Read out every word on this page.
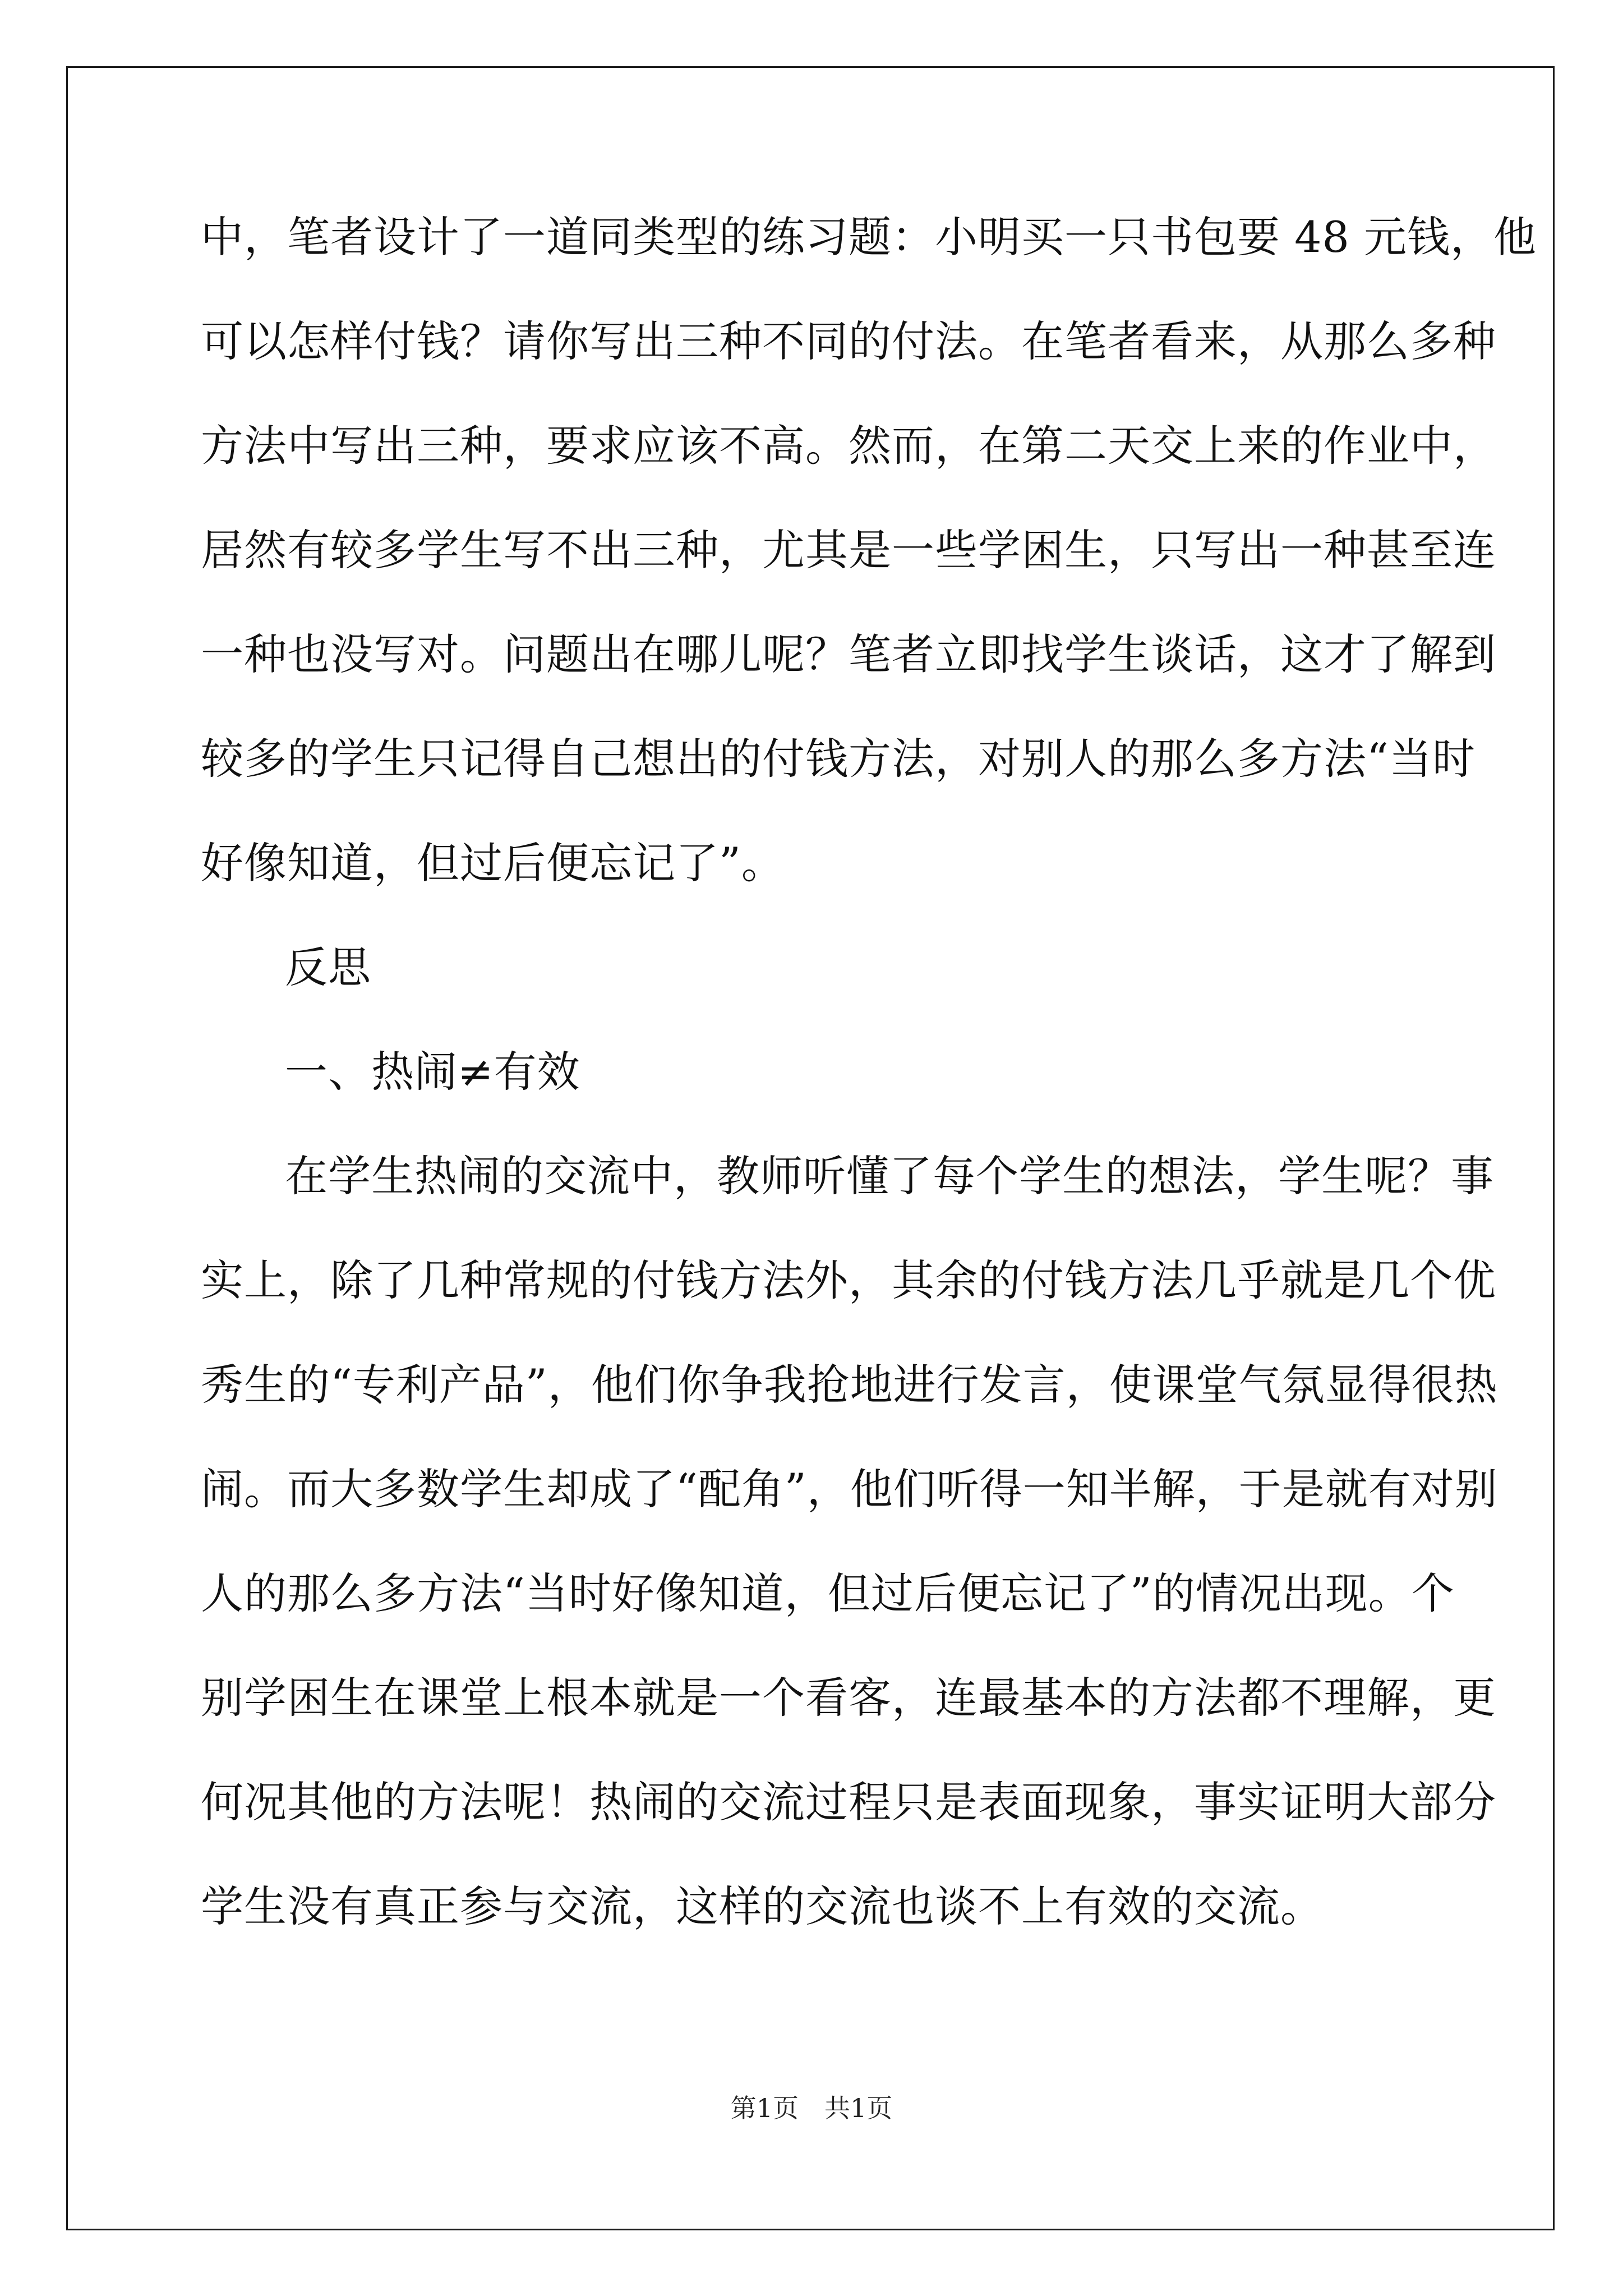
中，笔者设计了一道同类型的练习题：小明买一只书包要 48 元钱，他
可以怎样付钱？请你写出三种不同的付法。在笔者看来，从那么多种
方法中写出三种，要求应该不高。然而，在第二天交上来的作业中，
居然有较多学生写不出三种，尤其是一些学困生，只写出一种甚至连
一种也没写对。问题出在哪儿呢？笔者立即找学生谈话，这才了解到
较多的学生只记得自己想出的付钱方法，对别人的那么多方法“当时
好像知道，但过后便忘记了”。
反思
一、热闹≠有效
在学生热闹的交流中，教师听懂了每个学生的想法，学生呢？事
实上，除了几种常规的付钱方法外，其余的付钱方法几乎就是几个优
秀生的“专利产品”，他们你争我抢地进行发言，使课堂气氛显得很热
闹。而大多数学生却成了“配角”，他们听得一知半解，于是就有对别
人的那么多方法“当时好像知道，但过后便忘记了”的情况出现。个
别学困生在课堂上根本就是一个看客，连最基本的方法都不理解，更
何况其他的方法呢！热闹的交流过程只是表面现象，事实证明大部分
学生没有真正参与交流，这样的交流也谈不上有效的交流。
第1页 共1页
